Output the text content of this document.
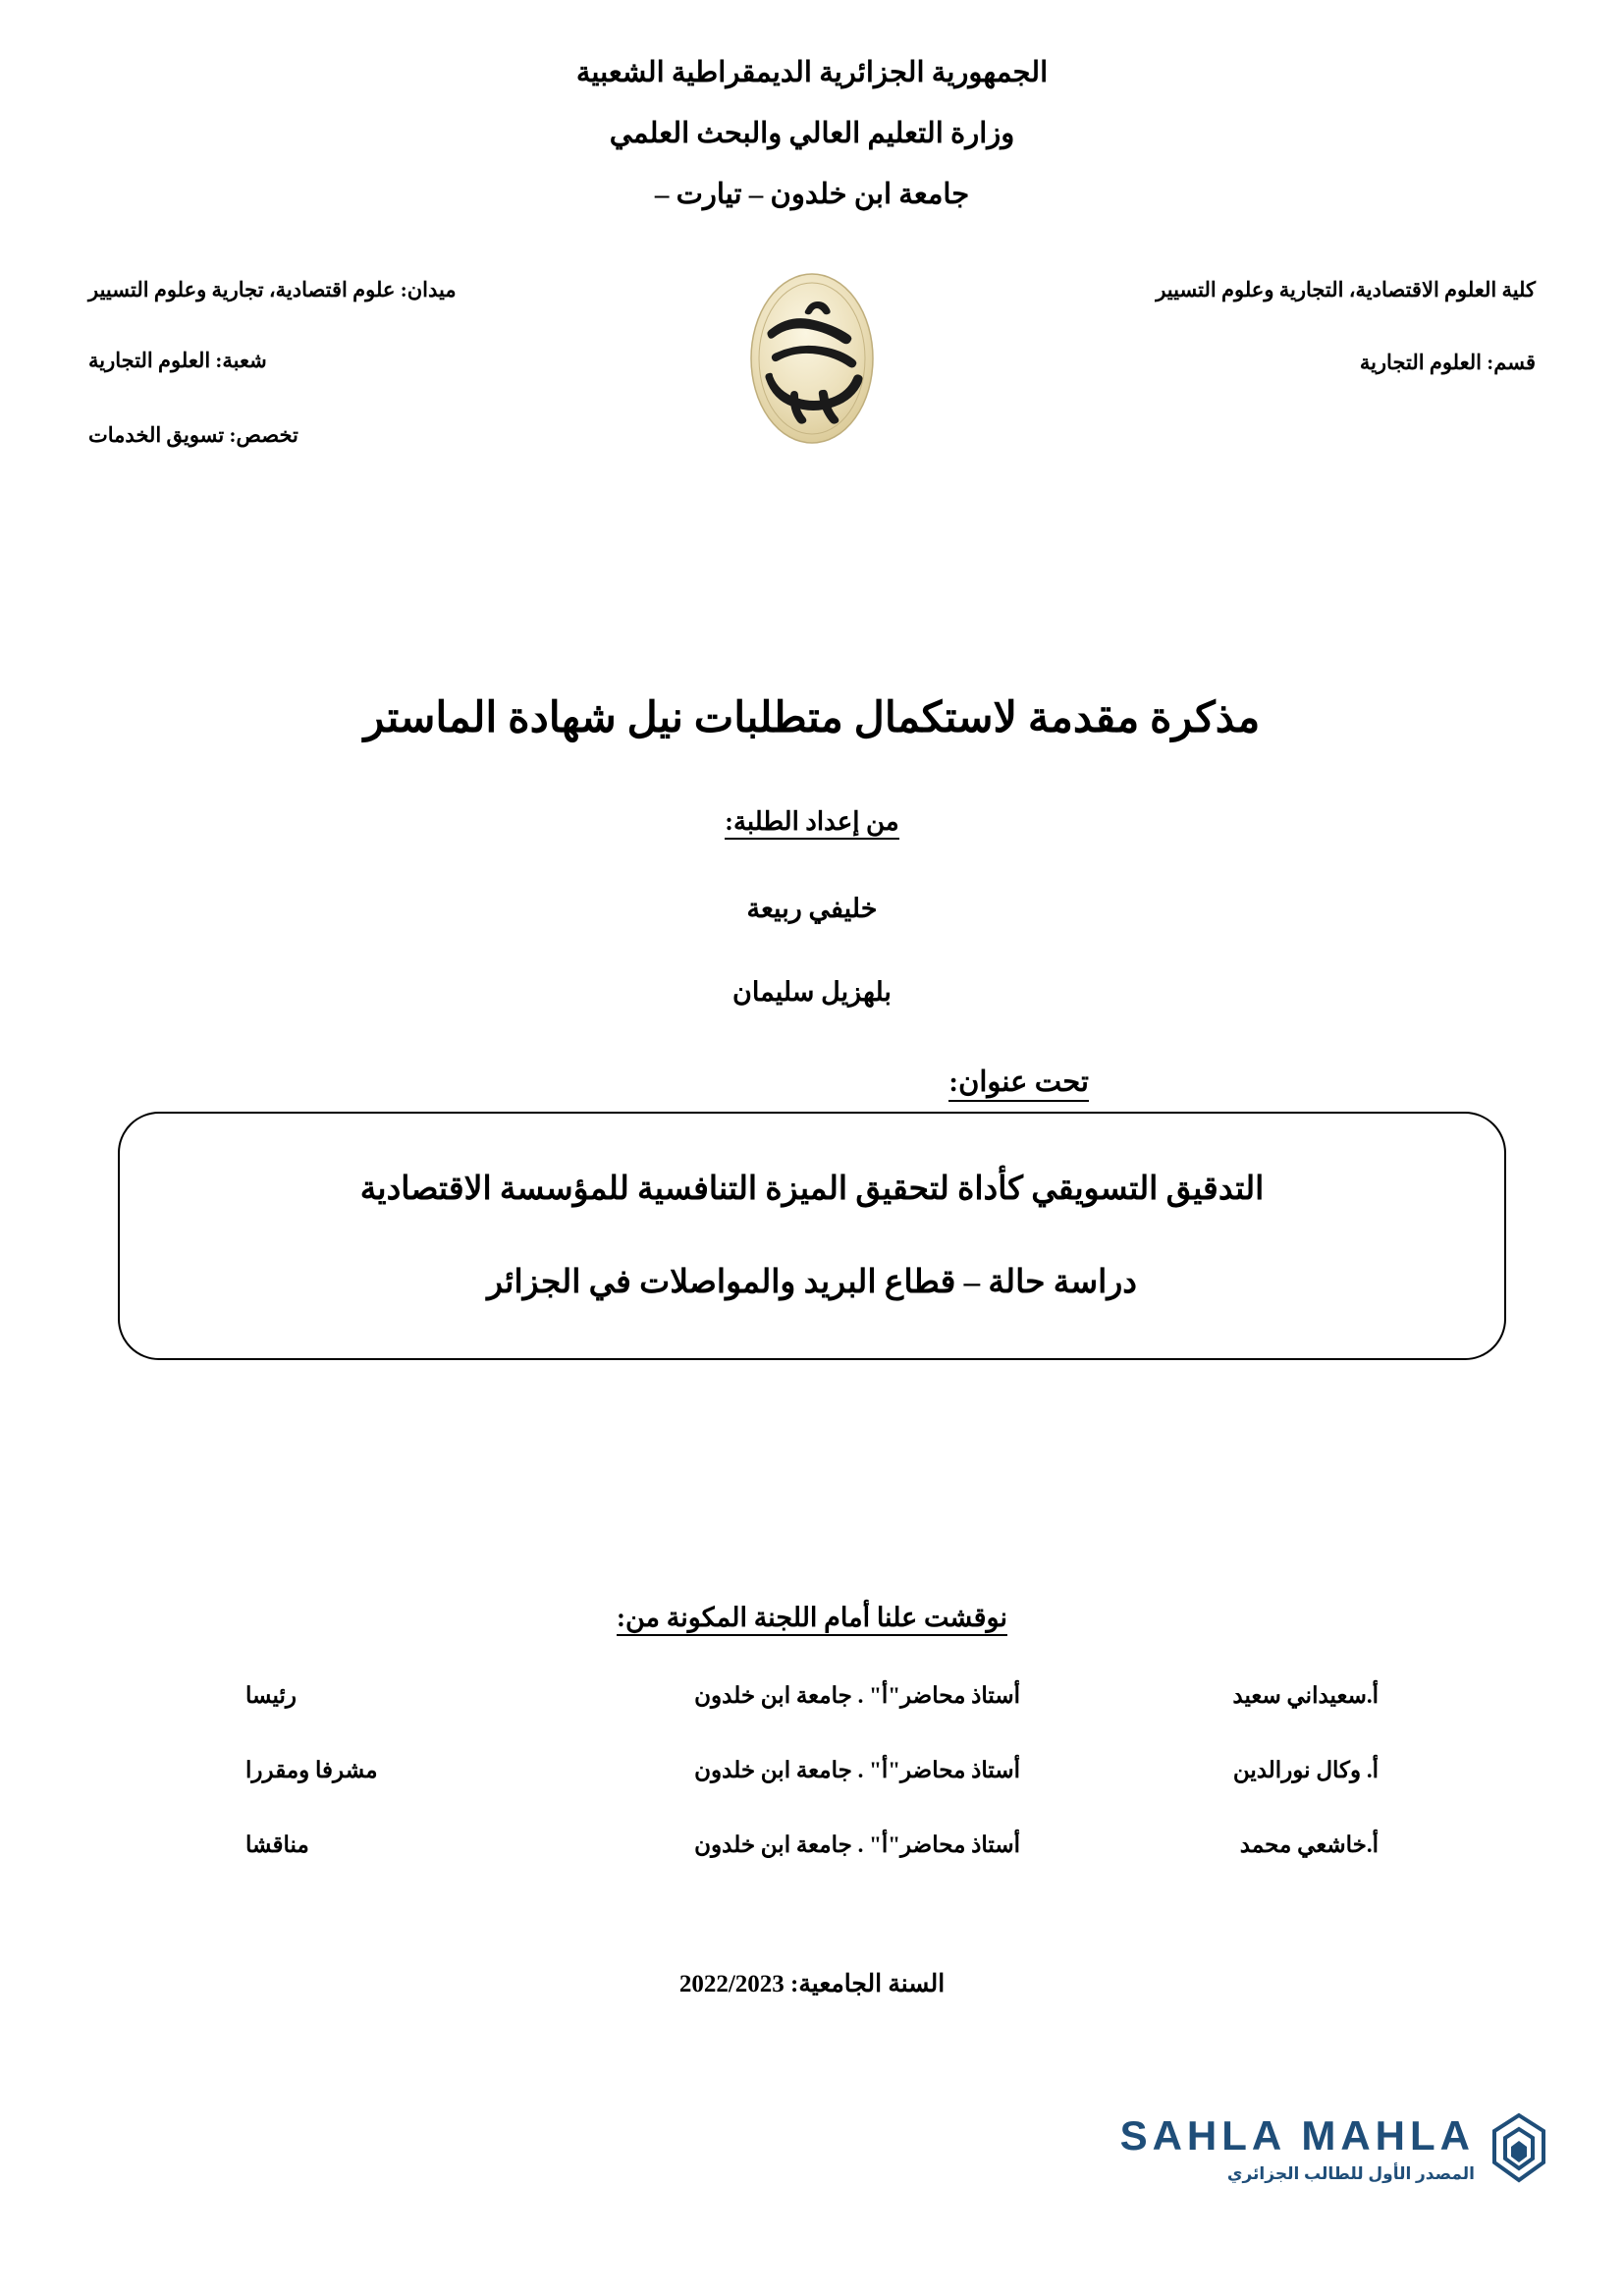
الجمهورية الجزائرية الديمقراطية الشعبية
وزارة التعليم العالي والبحث العلمي
جامعة ابن خلدون – تيارت –
كلية العلوم الاقتصادية، التجارية وعلوم التسيير
ميدان: علوم اقتصادية، تجارية وعلوم التسيير
قسم: العلوم التجارية
شعبة: العلوم التجارية
تخصص: تسويق الخدمات
مذكرة مقدمة لاستكمال متطلبات نيل شهادة الماستر
من إعداد الطلبة:
خليفي ربيعة
بلهزيل سليمان
تحت عنوان:
التدقيق التسويقي كأداة لتحقيق الميزة التنافسية للمؤسسة الاقتصادية
دراسة حالة – قطاع البريد والمواصلات في الجزائر
نوقشت علنا أمام اللجنة المكونة من:
أ.سعيداني سعيد
أستاذ محاضر"أ" . جامعة ابن خلدون
رئيسا
أ. وكال نورالدين
أستاذ محاضر"أ" . جامعة ابن خلدون
مشرفا ومقررا
أ.خاشعي محمد
أستاذ محاضر"أ" . جامعة ابن خلدون
مناقشا
السنة الجامعية: 2022/2023
SAHLA MAHLA
المصدر الأول للطالب الجزائري
